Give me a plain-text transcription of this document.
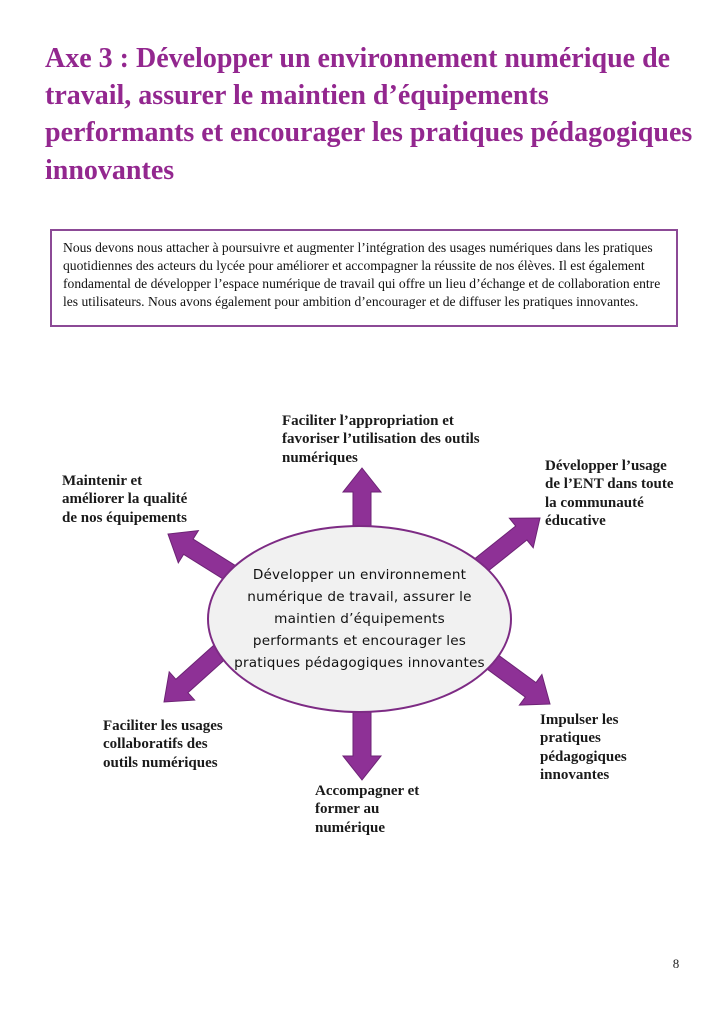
Axe 3 : Développer un environnement numérique de travail, assurer le maintien d’équipements performants et encourager les pratiques pédagogiques innovantes
Nous devons nous attacher à poursuivre et augmenter l’intégration des usages numériques dans les pratiques quotidiennes des acteurs du lycée pour améliorer et accompagner la réussite de nos élèves. Il est également fondamental de développer l’espace numérique de travail qui offre un lieu d’échange et de collaboration entre les utilisateurs. Nous avons également pour ambition d’encourager et de diffuser les pratiques innovantes.
Développer un environnement numérique de travail, assurer le maintien d’équipements performants et encourager les pratiques pédagogiques innovantes
Faciliter l’appropriation et favoriser l’utilisation des outils numériques
Maintenir et améliorer la qualité de nos équipements
Développer l’usage de l’ENT dans toute la communauté éducative
Faciliter les usages collaboratifs des outils numériques
Accompagner et former au numérique
Impulser les pratiques pédagogiques innovantes
8
